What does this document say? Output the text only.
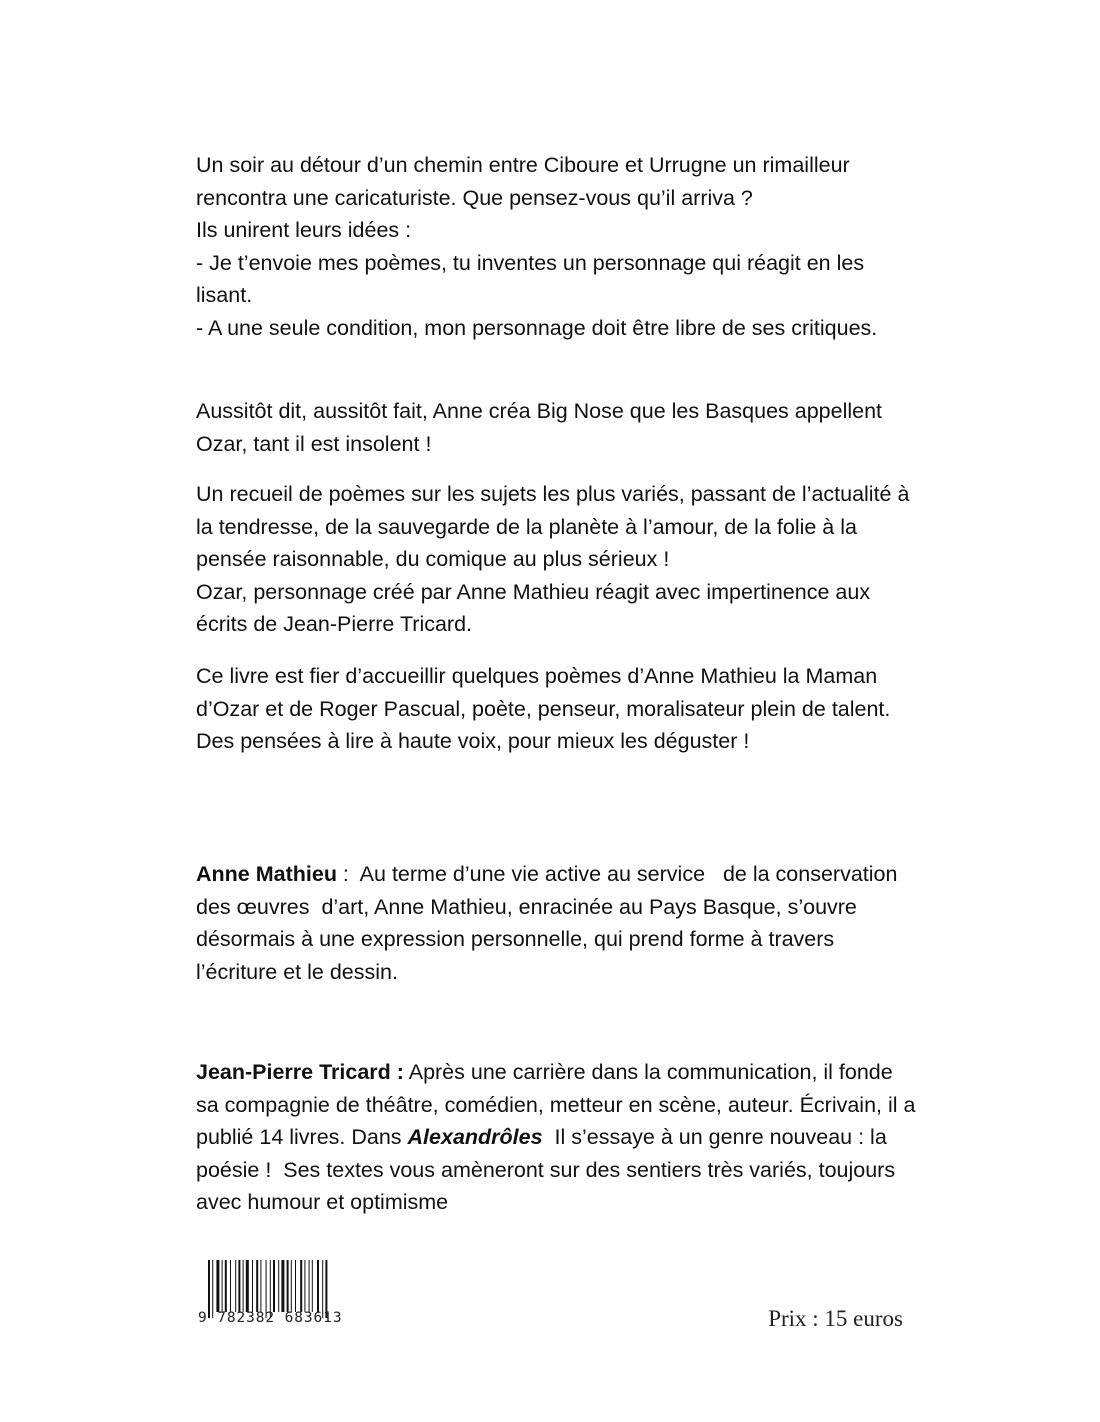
Un soir au détour d’un chemin entre Ciboure et Urrugne un rimailleur rencontra une caricaturiste. Que pensez-vous qu’il arriva ?

Ils unirent leurs idées :

- Je t’envoie mes poèmes, tu inventes un personnage qui réagit en les lisant.

- A une seule condition, mon personnage doit être libre de ses critiques.

Aussitôt dit, aussitôt fait, Anne créa Big Nose que les Basques appellent Ozar, tant il est insolent !

Un recueil de poèmes sur les sujets les plus variés, passant de l’actualité à la tendresse, de la sauvegarde de la planète à l’amour, de la folie à la pensée raisonnable, du comique au plus sérieux !

Ozar, personnage créé par Anne Mathieu réagit avec impertinence aux écrits de Jean-Pierre Tricard.

Ce livre est fier d’accueillir quelques poèmes d’Anne Mathieu la Maman d’Ozar et de Roger Pascual, poète, penseur, moralisateur plein de talent.

Des pensées à lire à haute voix, pour mieux les déguster !

Anne Mathieu :  Au terme d’une vie active au service   de la conservation     des œuvres  d’art, Anne Mathieu, enracinée au Pays Basque, s’ouvre   désormais à une expression personnelle, qui prend forme à travers l’écriture et le dessin.

Jean-Pierre Tricard : Après une carrière dans la communication, il fonde sa compagnie de théâtre, comédien, metteur en scène, auteur. Écrivain, il a publié 14 livres. Dans Alexandrôles  Il s’essaye à un genre nouveau : la poésie !  Ses textes vous amèneront sur des sentiers très variés, toujours avec humour et optimisme

9 782382 683613	Prix : 15 euros
